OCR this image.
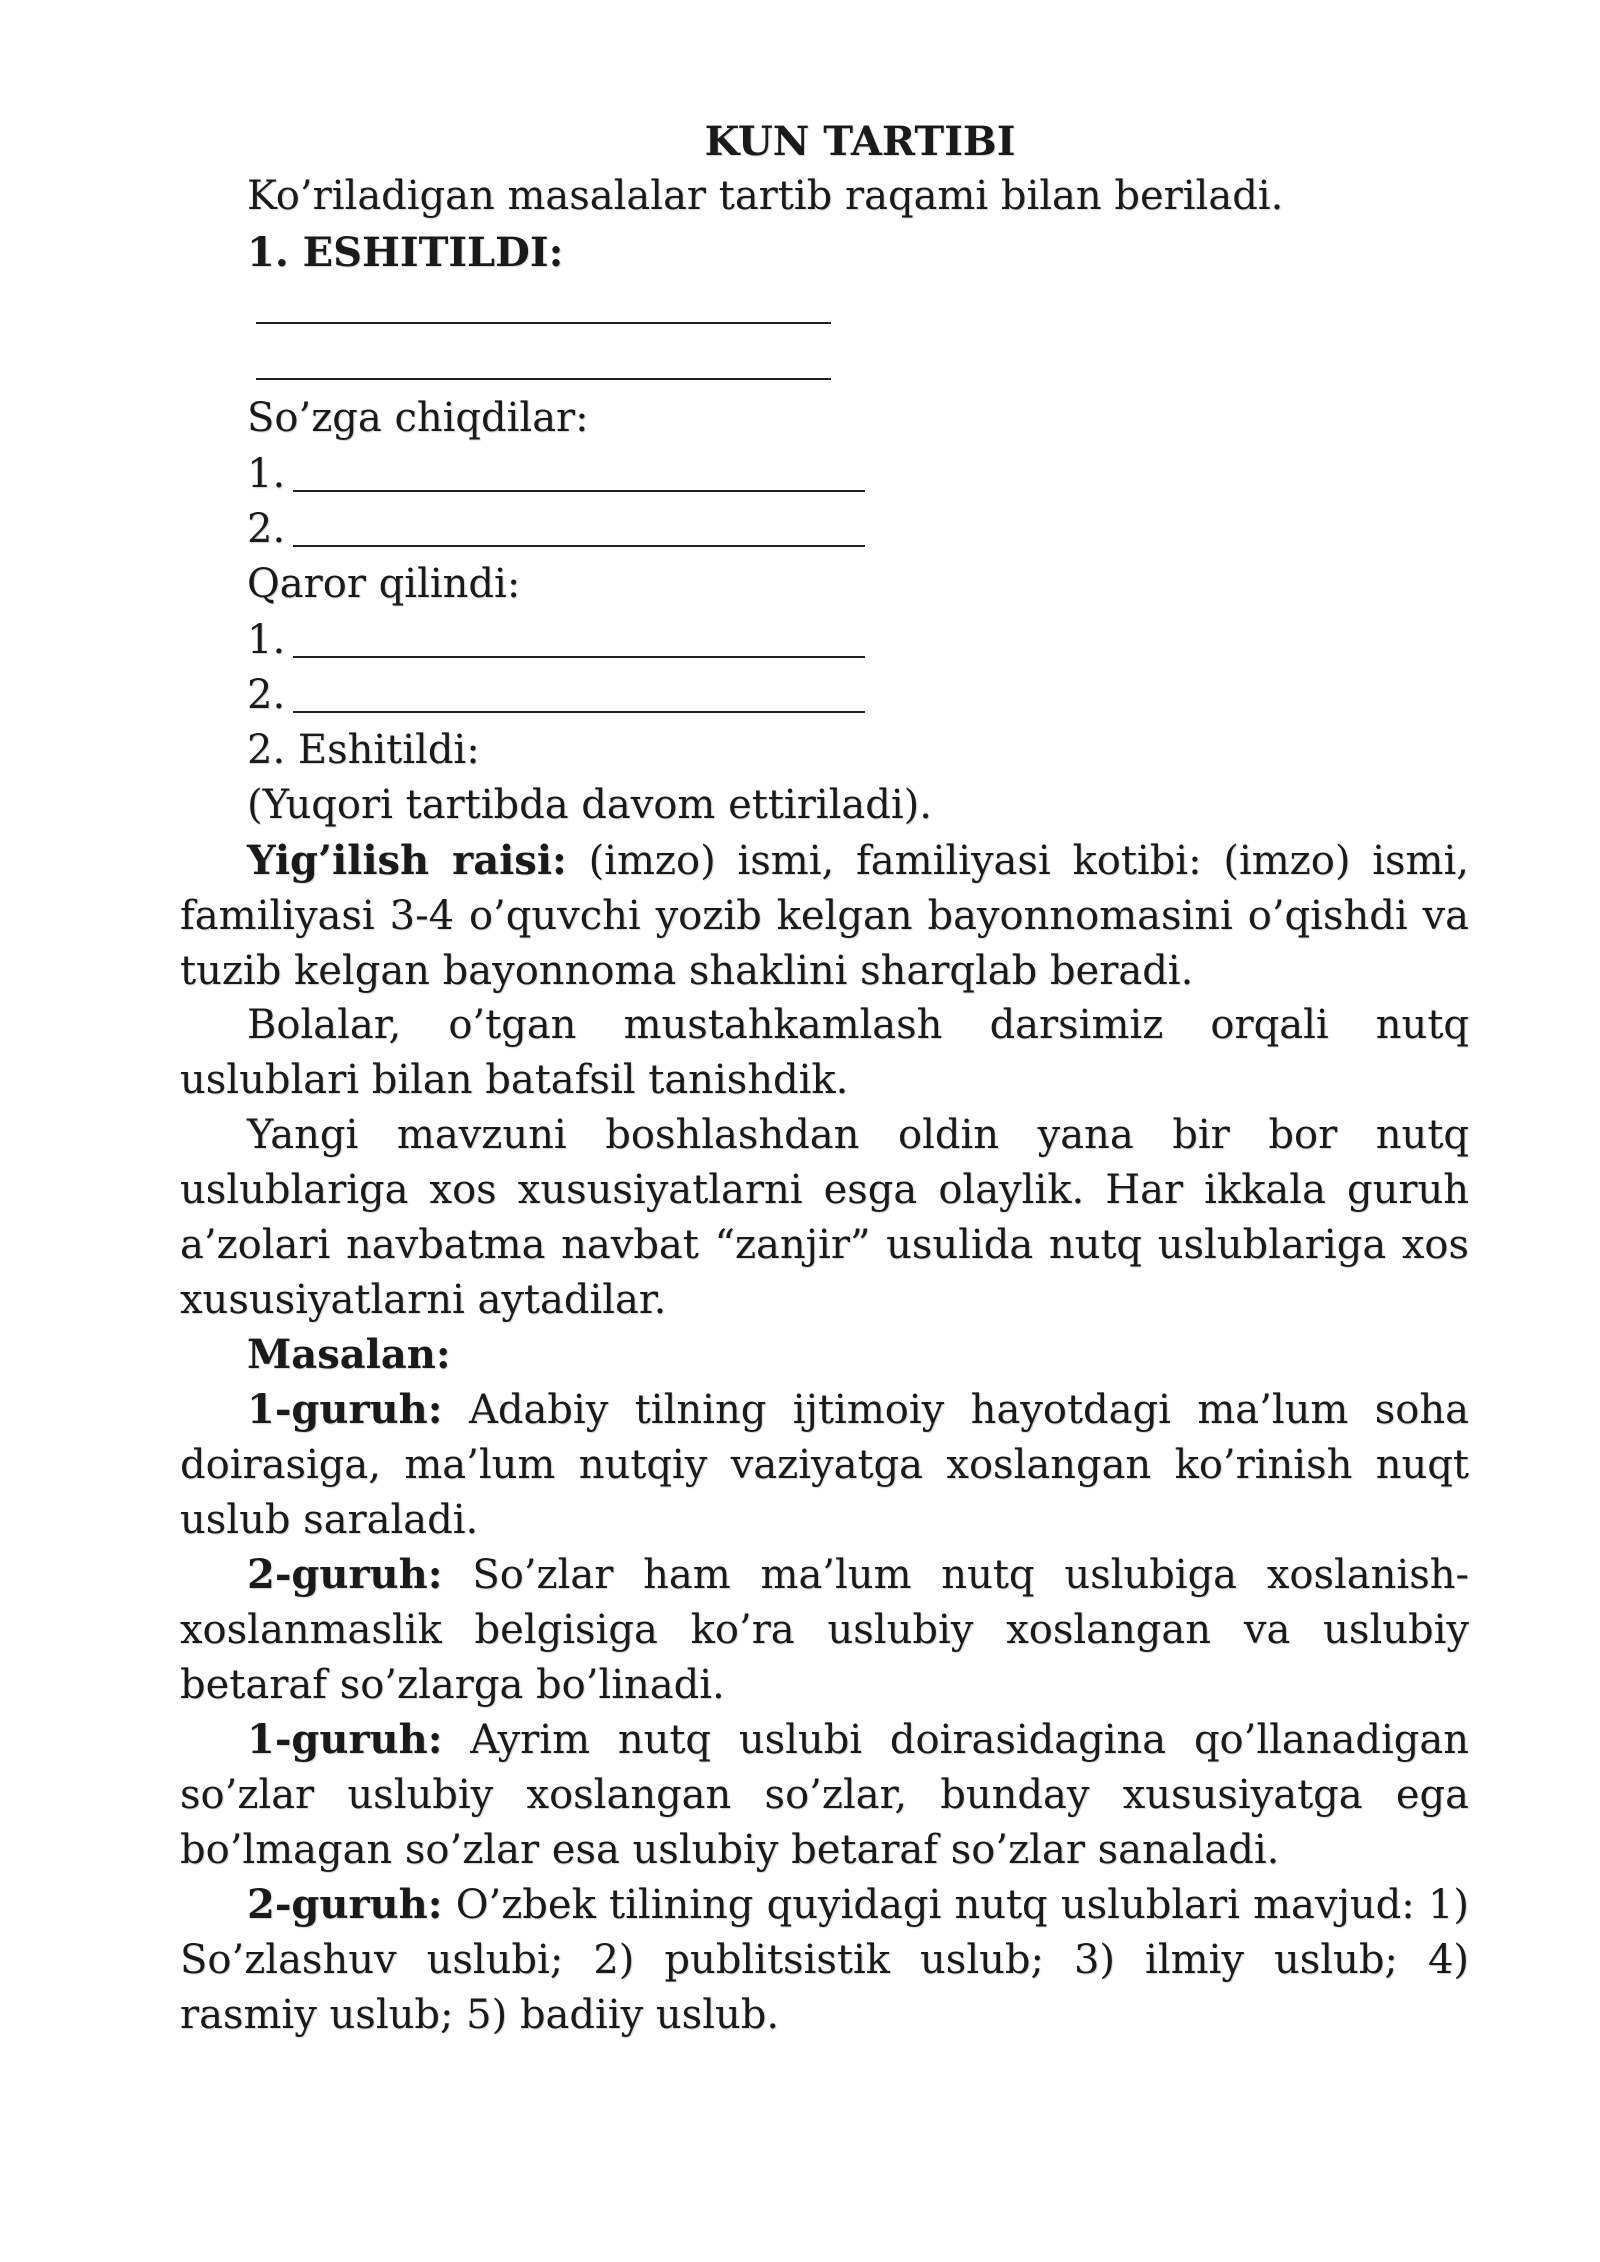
KUN TARTIBI
Ko’riladigan masalalar tartib raqami bilan beriladi.
1. ESHITILDI:
So’zga chiqdilar:
1.
2.
Qaror qilindi:
1.
2.
2. Eshitildi:
(Yuqori tartibda davom ettiriladi).

Yig’ilish raisi: (imzo) ismi, familiyasi kotibi: (imzo) ismi, familiyasi 3-4 o’quvchi yozib kelgan bayonnomasini o’qishdi va tuzib kelgan bayonnoma shaklini sharqlab beradi.

Bolalar, o’tgan mustahkamlash darsimiz orqali nutq uslublari bilan batafsil tanishdik.

Yangi mavzuni boshlashdan oldin yana bir bor nutq uslublariga xos xususiyatlarni esga olaylik. Har ikkala guruh a’zolari navbatma navbat “zanjir” usulida nutq uslublariga xos xususiyatlarni aytadilar.

Masalan:

1-guruh: Adabiy tilning ijtimoiy hayotdagi ma’lum soha doirasiga, ma’lum nutqiy vaziyatga xoslangan ko’rinish nuqt uslub saraladi.

2-guruh: So’zlar ham ma’lum nutq uslubiga xoslanish-xoslanmaslik belgisiga ko’ra uslubiy xoslangan va uslubiy betaraf so’zlarga bo’linadi.

1-guruh: Ayrim nutq uslubi doirasidagina qo’llanadigan so’zlar uslubiy xoslangan so’zlar, bunday xususiyatga ega bo’lmagan so’zlar esa uslubiy betaraf so’zlar sanaladi.

2-guruh: O’zbek tilining quyidagi nutq uslublari mavjud: 1) So’zlashuv uslubi; 2) publitsistik uslub; 3) ilmiy uslub; 4) rasmiy uslub; 5) badiiy uslub.
